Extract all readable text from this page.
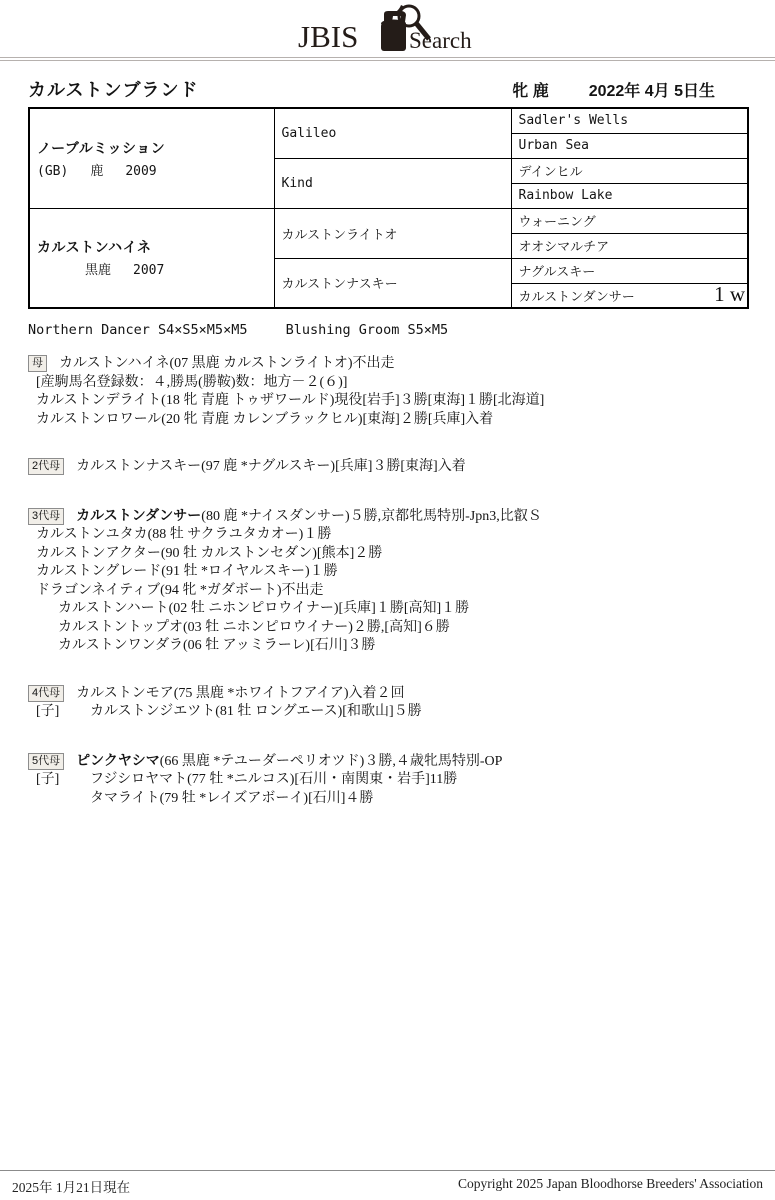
JBIS Search
カルストンブランド	牝 鹿	2022年 4月 5日生
ノーブルミッション
(GB) 鹿 2009	Galileo	Sadler's Wells
		Urban Sea
	Kind	デインヒル
		Rainbow Lake

カルストンハイネ
黒鹿 2007	カルストンライトオ	ウォーニング
		オオシマルチア
	カルストンナスキー	ナグルスキー
		カルストンダンサー 1 w
Northern Dancer S4×S5×M5×M5	Blushing Groom S5×M5
母 カルストンハイネ(07 黒鹿 カルストンライトオ)不出走
[産駒馬名登録数：４,勝馬(勝鞍)数：地方－２(６)]
カルストンデライト(18 牝 青鹿 トゥザワールド)現役[岩手]３勝[東海]１勝[北海道]
カルストンロワール(20 牝 青鹿 カレンブラックヒル)[東海]２勝[兵庫]入着
2代母 カルストンナスキー(97 鹿 *ナグルスキー)[兵庫]３勝[東海]入着
3代母 カルストンダンサー(80 鹿 *ナイスダンサー)５勝,京都牝馬特別-Jpn3,比叡Ｓ
カルストンユタカ(88 牡 サクラユタカオー)１勝
カルストンアクター(90 牡 カルストンセダン)[熊本]２勝
カルストングレード(91 牡 *ロイヤルスキー)１勝
ドラゴンネイティブ(94 牝 *ガダボート)不出走
カルストンハート(02 牡 ニホンピロウイナー)[兵庫]１勝[高知]１勝
カルストントップオ(03 牡 ニホンピロウイナー)２勝,[高知]６勝
カルストンワンダラ(06 牡 アッミラーレ)[石川]３勝
4代母 カルストンモア(75 黒鹿 *ホワイトフアイア)入着２回
[子] カルストンジエツト(81 牡 ロングエース)[和歌山]５勝
5代母 ピンクヤシマ(66 黒鹿 *テユーダーペリオツド)３勝,４歳牝馬特別-OP
[子] フジシロヤマト(77 牡 *ニルコス)[石川・南関東・岩手]11勝
タマライト(79 牡 *レイズアボーイ)[石川]４勝
2025年 1月21日現在	Copyright 2025 Japan Bloodhorse Breeders' Association
